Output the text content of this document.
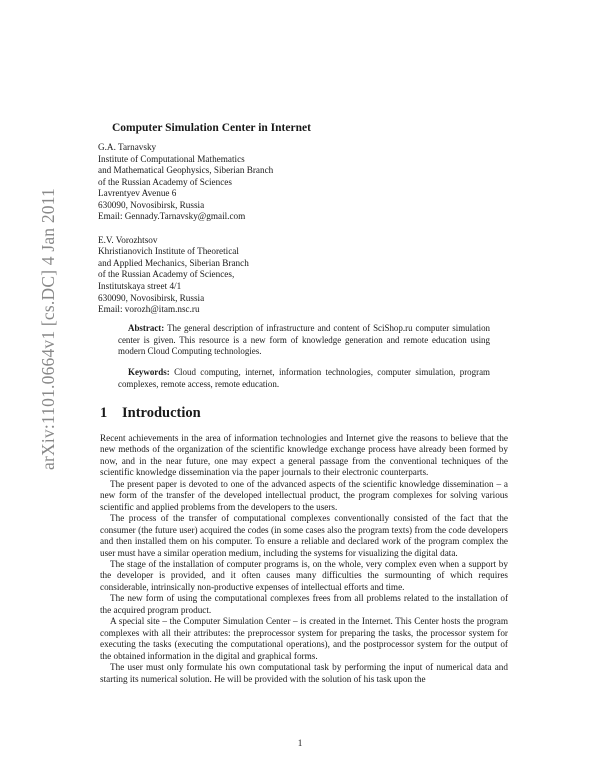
arXiv:1101.0664v1 [cs.DC] 4 Jan 2011
Computer Simulation Center in Internet
G.A. Tarnavsky
Institute of Computational Mathematics
and Mathematical Geophysics, Siberian Branch
of the Russian Academy of Sciences
Lavrentyev Avenue 6
630090, Novosibirsk, Russia
Email: Gennady.Tarnavsky@gmail.com
E.V. Vorozhtsov
Khristianovich Institute of Theoretical
and Applied Mechanics, Siberian Branch
of the Russian Academy of Sciences,
Institutskaya street 4/1
630090, Novosibirsk, Russia
Email: vorozh@itam.nsc.ru

Abstract: The general description of infrastructure and content of SciShop.ru computer simulation center is given. This resource is a new form of knowledge generation and remote education using modern Cloud Computing technologies.

Keywords: Cloud computing, internet, information technologies, computer simulation, program complexes, remote access, remote education.

1 Introduction

Recent achievements in the area of information technologies and Internet give the reasons to believe that the new methods of the organization of the scientific knowledge exchange process have already been formed by now, and in the near future, one may expect a general passage from the conventional techniques of the scientific knowledge dissemination via the paper journals to their electronic counterparts.

The present paper is devoted to one of the advanced aspects of the scientific knowledge dissemination – a new form of the transfer of the developed intellectual product, the program complexes for solving various scientific and applied problems from the developers to the users.

The process of the transfer of computational complexes conventionally consisted of the fact that the consumer (the future user) acquired the codes (in some cases also the program texts) from the code developers and then installed them on his computer. To ensure a reliable and declared work of the program complex the user must have a similar operation medium, including the systems for visualizing the digital data.

The stage of the installation of computer programs is, on the whole, very complex even when a support by the developer is provided, and it often causes many difficulties the surmounting of which requires considerable, intrinsically non-productive expenses of intellectual efforts and time.

The new form of using the computational complexes frees from all problems related to the installation of the acquired program product.

A special site – the Computer Simulation Center – is created in the Internet. This Center hosts the program complexes with all their attributes: the preprocessor system for preparing the tasks, the processor system for executing the tasks (executing the computational operations), and the postprocessor system for the output of the obtained information in the digital and graphical forms.

The user must only formulate his own computational task by performing the input of numerical data and starting its numerical solution. He will be provided with the solution of his task upon the

1
